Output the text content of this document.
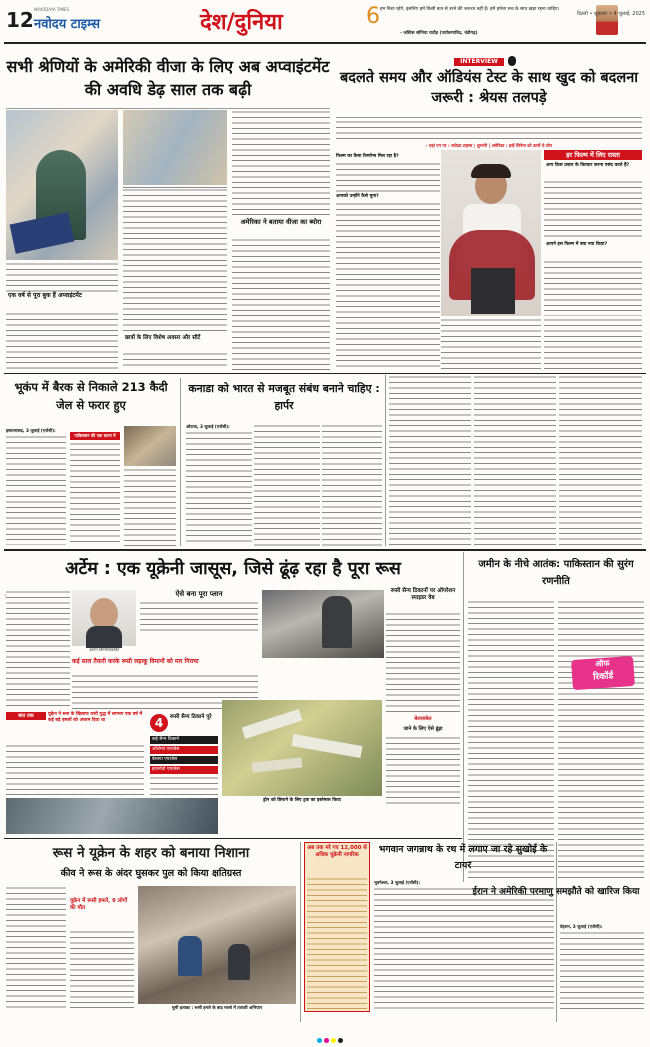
12 NAVODAYA TIMES
नवोदय टाइम्स	देश/दुनिया	6 हम निडर रहेंगे, इसलिए हमें किसी बात से डरने की जरूरत नहीं है। हमें हमेशा सच के साथ खड़ा रहना चाहिए।
- जस्टिस सोनिया राठौड़ (पर्यावरणविद, चंडीगढ़)
दिल्ली • शुक्रवार • 4 जुलाई, 2025
सभी श्रेणियों के अमेरिकी वीजा के लिए अब अप्वाइंटमेंट की अवधि डेढ़ साल तक बढ़ी
एक वर्ष से पूरा बुक हैं अप्वाइंटमेंट
छात्रों के लिए विशेष अवसर और सीटें
अमेरिका ने बताया वीजा का ब्योरा
INTERVIEW
बदलते समय और ऑडियंस टेस्ट के साथ खुद को बदलना जरूरी : श्रेयस तलपड़े
- यहां एप पर : नवोदय टाइम्स | शुभांगी | अमेरिका : इन्हें सिनेमा को उतारें ये लोग
फिल्म का कैसा रिस्पॉन्स मिल रहा है?
आपको उन्होंने कैसे चुना?
हर फिल्म में लिए रास्ता
आप किस प्रकार के किरदार करना पसंद करते हैं?
आपने इस फिल्म में क्या नया किया?
भूकंप में बैरक से निकाले 213 कैदी जेल से फरार हुए
इस्लामाबाद, 3 जुलाई (एजेंसी):
पाकिस्तान की एक घटना में
कनाडा को भारत से मजबूत संबंध बनाने चाहिए : हार्पर
ओटावा, 3 जुलाई (एजेंसी):
अर्टेम : एक यूक्रेनी जासूस, जिसे ढूंढ़ रहा है पूरा रूस
आर्टेम तिमोफेयेवस्की
ऐसे बना पूरा प्लान	रूसी सैन्य ठिकानों पर ऑपरेशन स्पाइडर वेब
कई साल तैयारी करके रूसी लड़ाकू विमानों को मार गिराया
बात तक	यूक्रेन ने रूस के खिलाफ जारी युद्ध में लगभग एक वर्ष में कई बड़े हमलों को अंजाम दिया था	4	रूसी सैन्य ठिकाने पूरे
कई सैन्य ठिकाने
ओलेन्या एयरबेस
बेलाया एयरबेस
इवानोवो एयरबेस
ड्रोन को छिपाने के लिए ट्रक का इस्तेमाल किया
बेलाराबेल
जाने के लिए ऐसे ढूंढ़ा
जमीन के नीचे आतंक: पाकिस्तान की सुरंग रणनीति
ऑफ
रिकॉर्ड
रूस ने यूक्रेन के शहर को बनाया निशाना
कीव ने रूस के अंदर घुसकर पुल को किया क्षतिग्रस्त
यूक्रेन में रूसी हमले, 9 लोगों की मौत
सुमी इलाका : रूसी हमले के बाद मलबे में तलाशी अभियान
अब तक मरे गए 12,000 से अधिक यूक्रेनी नागरिक	भगवान जगन्नाथ के रथ में लगाए जा रहे सुखोई के टायर
भुवनेश्वर, 3 जुलाई (एजेंसी):
ईरान ने अमेरिकी परमाणु समझौते को खारिज किया
तेहरान, 3 जुलाई (एजेंसी):
